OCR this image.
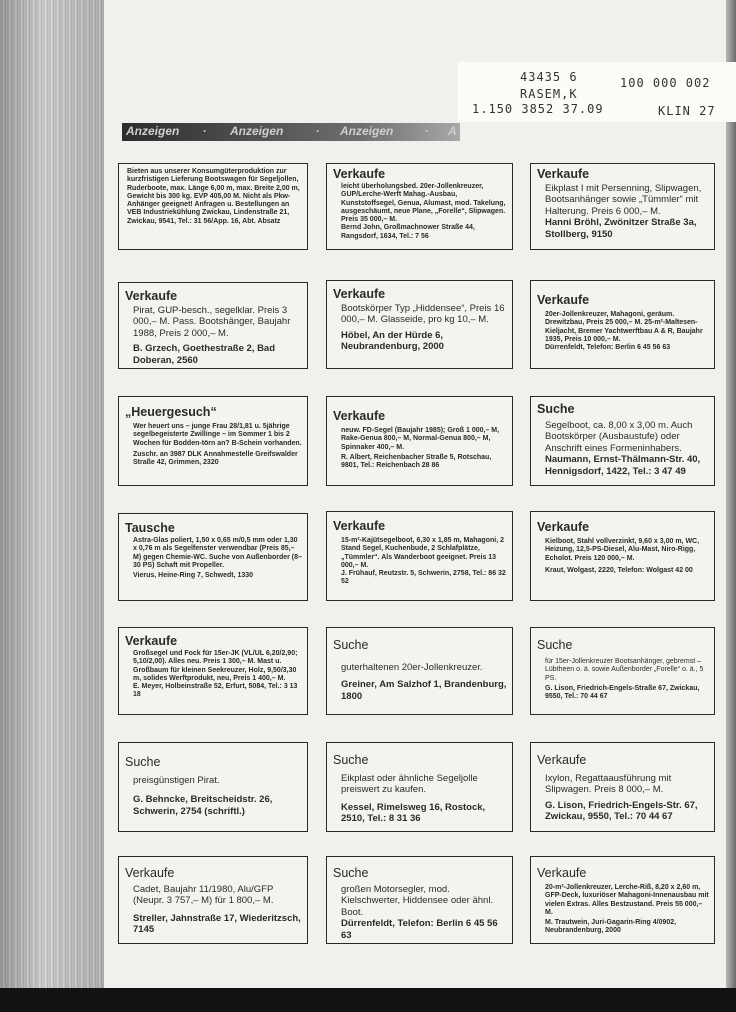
43435 6	100 000 002
RASEM,K
1.150 3852 37.09	KLIN 27
Anzeigen · Anzeigen	· Anzeigen	· A
Bieten aus unserer Konsumgüterproduktion zur kurzfristigen Lieferung Bootswagen für Segeljollen, Ruderboote, max. Länge 6,00 m, max. Breite 2,00 m, Gewicht bis 300 kg. EVP 405,00 M. Nicht als Pkw-Anhänger geeignet! Anfragen u. Bestellungen an VEB Industriekühlung Zwickau, Lindenstraße 21, Zwickau, 9541, Tel.: 31 56/App. 16, Abt. Absatz
Verkaufe
leicht überholungsbed. 20er-Jollenkreuzer, GUP/Lerche-Werft Mahag.-Ausbau, Kunststoffsegel, Genua, Alumast, mod. Takelung, ausgeschäumt, neue Plane, „Forelle“, Slipwagen. Preis 35 000,– M.
Bernd John, Großmachnower Straße 44, Rangsdorf, 1634, Tel.: 7 56
Verkaufe
Eikplast I mit Persenning, Slipwagen, Bootsanhänger sowie „Tümmler“ mit Halterung. Preis 6 000,– M.
Hanni Bröhl, Zwönitzer Straße 3a, Stollberg, 9150
Verkaufe
Pirat, GUP-besch., segelklar. Preis 3 000,– M. Pass. Bootshänger, Baujahr 1988, Preis 2 000,– M.
B. Grzech, Goethestraße 2, Bad Doberan, 2560
Verkaufe
Bootskörper Typ „Hiddensee“, Preis 16 000,– M. Glasseide, pro kg 10,– M.
Höbel, An der Hürde 6, Neubrandenburg, 2000
Verkaufe
20er-Jollenkreuzer, Mahagoni, geräum. Drewitzbau, Preis 25 000,– M. 25-m²-Maltesen-Kieljacht, Bremer Yachtwerftbau A & R, Baujahr 1935, Preis 10 000,– M.
Dürrenfeldt, Telefon: Berlin 6 45 56 63
„Heuergesuch“
Wer heuert uns – junge Frau 28/1,81 u. 5jährige segelbegeisterte Zwillinge – im Sommer 1 bis 2 Wochen für Bodden-törn an? B-Schein vorhanden.
Zuschr. an 3987 DLK Annahmestelle Greifswalder Straße 42, Grimmen, 2320
Verkaufe
neuw. FD-Segel (Baujahr 1985); Groß 1 000,– M, Rake-Genua 800,– M, Normal-Genua 800,– M, Spinnaker 400,– M.
R. Albert, Reichenbacher Straße 5, Rotschau, 9801, Tel.: Reichenbach 28 86
Suche
Segelboot, ca. 8,00 x 3,00 m. Auch Bootskörper (Ausbaustufe) oder Anschrift eines Formeninhabers.
Naumann, Ernst-Thälmann-Str. 40, Hennigsdorf, 1422, Tel.: 3 47 49
Tausche
Astra-Glas poliert, 1,50 x 0,65 m/0,5 mm oder 1,30 x 0,76 m als Segelfenster verwendbar (Preis 85,– M) gegen Chemie-WC. Suche von Außenborder (8–30 PS) Schaft mit Propeller.
Vierus, Heine-Ring 7, Schwedt, 1330
Verkaufe
15-m²-Kajütsegelboot, 6,30 x 1,85 m, Mahagoni, 2 Stand Segel, Kuchenbude, 2 Schlafplätze, „Tümmler“. Als Wanderboot geeignet. Preis 13 000,– M.
J. Frühauf, Reutzstr. 5, Schwerin, 2758, Tel.: 86 32 52
Verkaufe
Kielboot, Stahl vollverzinkt, 9,60 x 3,00 m, WC, Heizung, 12,5-PS-Diesel, Alu-Mast, Niro-Rigg, Echolot. Preis 120 000,– M.
Kraut, Wolgast, 2220, Telefon: Wolgast 42 00
Verkaufe
Großsegel und Fock für 15er-JK (VL/UL 6,20/2,90; 5,10/2,00). Alles neu. Preis 1 300,– M. Mast u. Großbaum für kleinen Seekreuzer, Holz, 9,50/3,30 m, solides Werftprodukt, neu, Preis 1 400,– M.
E. Meyer, Holbeinstraße 52, Erfurt, 5084, Tel.: 3 13 18
Suche
guterhaltenen 20er-Jollenkreuzer.
Greiner, Am Salzhof 1, Brandenburg, 1800
Suche
für 15er-Jollenkreuzer Bootsanhänger, gebremst – Lübtheen o. ä. sowie Außenborder „Forelle“ o. ä., 5 PS.
G. Lison, Friedrich-Engels-Straße 67, Zwickau, 9550, Tel.: 70 44 67
Suche
preisgünstigen Pirat.
G. Behncke, Breitscheidstr. 26, Schwerin, 2754 (schriftl.)
Suche
Eikplast oder ähnliche Segeljolle preiswert zu kaufen.
Kessel, Rimelsweg 16, Rostock, 2510, Tel.: 8 31 36
Verkaufe
Ixylon, Regattaausführung mit Slipwagen. Preis 8 000,– M.
G. Lison, Friedrich-Engels-Str. 67, Zwickau, 9550, Tel.: 70 44 67
Verkaufe
Cadet, Baujahr 11/1980, Alu/GFP (Neupr. 3 757,– M) für 1 800,– M.
Streller, Jahnstraße 17, Wiederitzsch, 7145
Suche
großen Motorsegler, mod. Kielschwerter, Hiddensee oder ähnl. Boot.
Dürrenfeldt, Telefon: Berlin 6 45 56 63
Verkaufe
20-m²-Jollenkreuzer, Lerche-Riß, 8,20 x 2,60 m, GFP-Deck, luxuriöser Mahagoni-Innenausbau mit vielen Extras. Alles Bestzustand. Preis 55 000,– M.
M. Trautwein, Juri-Gagarin-Ring 4/0902, Neubrandenburg, 2000
